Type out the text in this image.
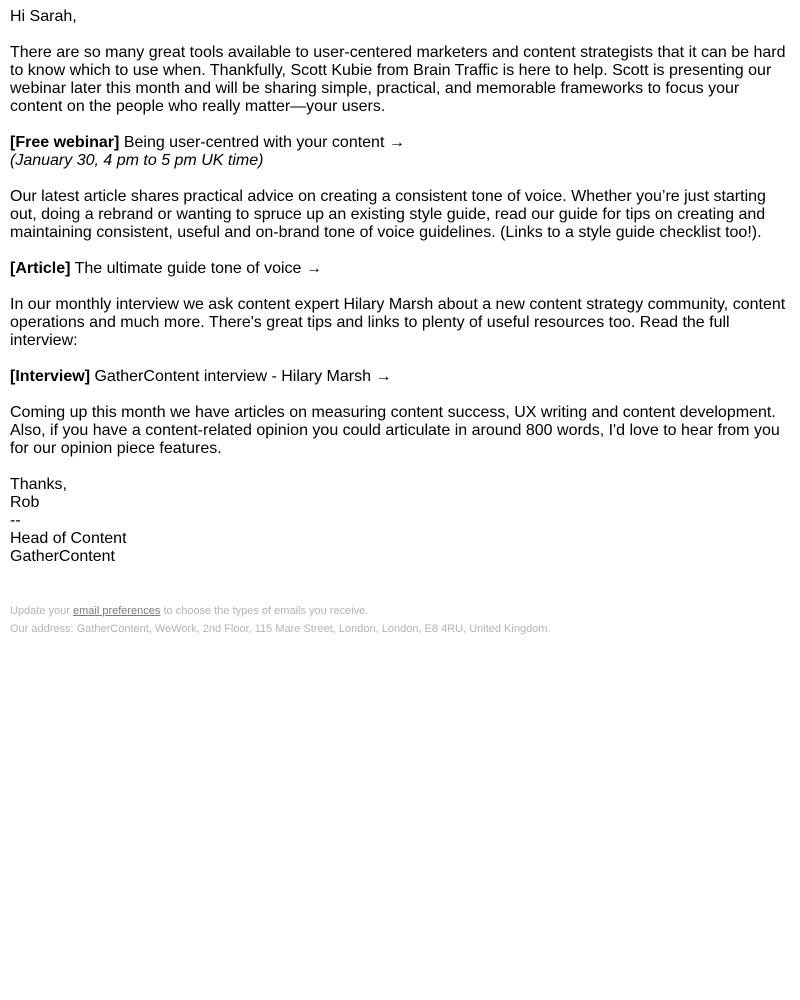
Hi Sarah,

There are so many great tools available to user-centered marketers and content strategists that it can be hard to know which to use when. Thankfully, Scott Kubie from Brain Traffic is here to help. Scott is presenting our webinar later this month and will be sharing simple, practical, and memorable frameworks to focus your content on the people who really matter—your users.

[Free webinar] Being user-centred with your content →
(January 30, 4 pm to 5 pm UK time)

Our latest article shares practical advice on creating a consistent tone of voice. Whether you’re just starting out, doing a rebrand or wanting to spruce up an existing style guide, read our guide for tips on creating and maintaining consistent, useful and on-brand tone of voice guidelines. (Links to a style guide checklist too!).

[Article] The ultimate guide tone of voice →

In our monthly interview we ask content expert Hilary Marsh about a new content strategy community, content operations and much more. There's great tips and links to plenty of useful resources too. Read the full interview:

[Interview] GatherContent interview - Hilary Marsh →

Coming up this month we have articles on measuring content success, UX writing and content development. Also, if you have a content-related opinion you could articulate in around 800 words, I'd love to hear from you for our opinion piece features.

Thanks,
Rob
--
Head of Content
GatherContent

Update your email preferences to choose the types of emails you receive.

Our address: GatherContent, WeWork, 2nd Floor, 115 Mare Street, London, London, E8 4RU, United Kingdom.
